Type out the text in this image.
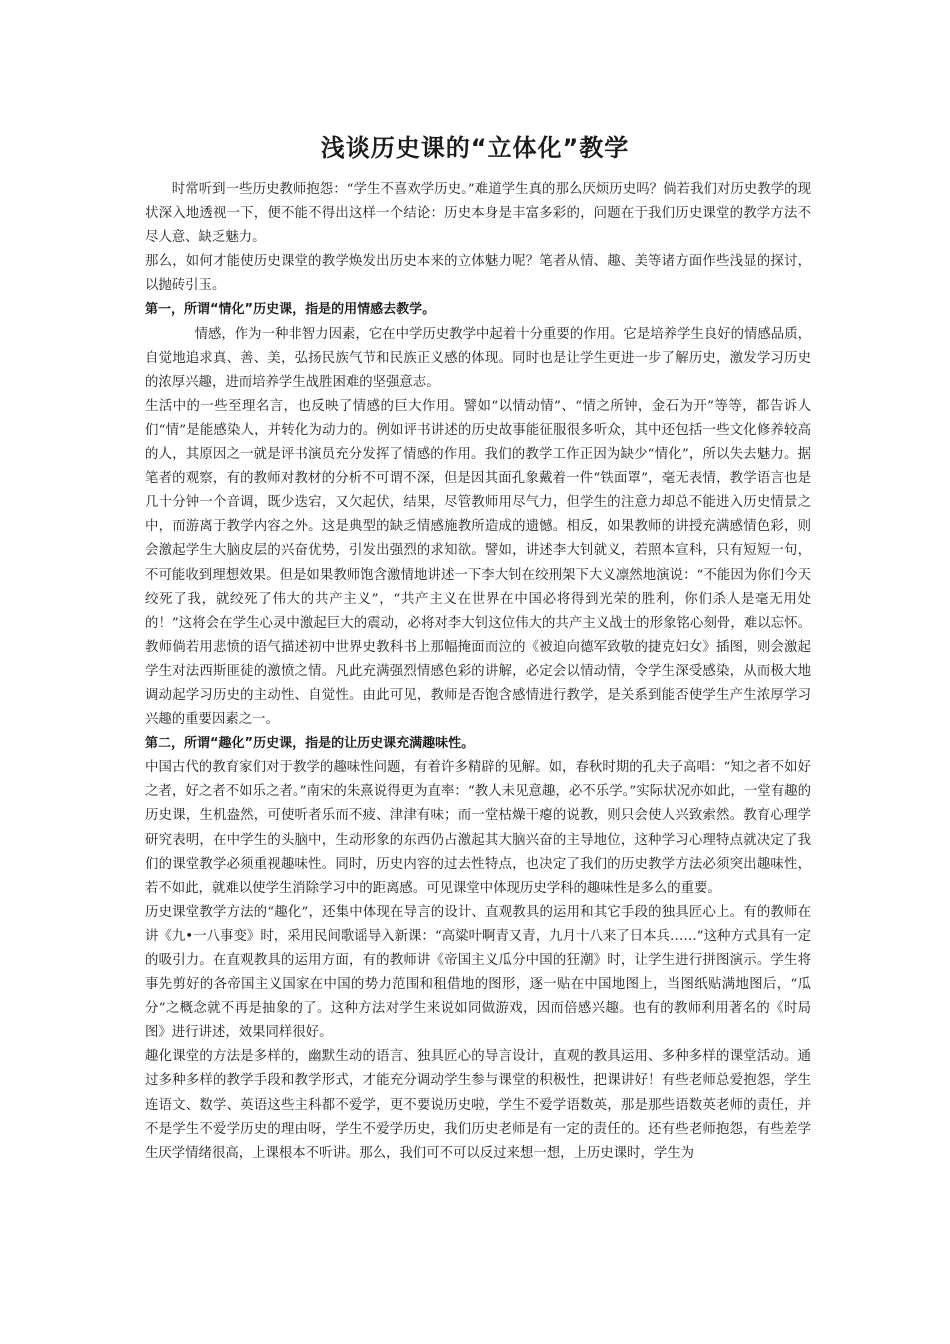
浅谈历史课的“立体化”教学

时常听到一些历史教师抱怨：“学生不喜欢学历史。”难道学生真的那么厌烦历史吗？倘若我们对历史教学的现状深入地透视一下，便不能不得出这样一个结论：历史本身是丰富多彩的，问题在于我们历史课堂的教学方法不尽人意、缺乏魅力。

那么，如何才能使历史课堂的教学焕发出历史本来的立体魅力呢？笔者从情、趣、美等诸方面作些浅显的探讨，以抛砖引玉。

第一，所谓“情化”历史课，指是的用情感去教学。

情感，作为一种非智力因素，它在中学历史教学中起着十分重要的作用。它是培养学生良好的情感品质，自觉地追求真、善、美，弘扬民族气节和民族正义感的体现。同时也是让学生更进一步了解历史，激发学习历史的浓厚兴趣，进而培养学生战胜困难的坚强意志。

生活中的一些至理名言，也反映了情感的巨大作用。譬如“以情动情”、“情之所钟，金石为开”等等，都告诉人们“情”是能感染人，并转化为动力的。例如评书讲述的历史故事能征服很多听众，其中还包括一些文化修养较高的人，其原因之一就是评书演员充分发挥了情感的作用。我们的教学工作正因为缺少“情化”，所以失去魅力。据笔者的观察，有的教师对教材的分析不可谓不深，但是因其面孔象戴着一件“铁面罩”，毫无表情，教学语言也是几十分钟一个音调，既少迭宕，又欠起伏，结果，尽管教师用尽气力，但学生的注意力却总不能进入历史情景之中，而游离于教学内容之外。这是典型的缺乏情感施教所造成的遗憾。相反，如果教师的讲授充满感情色彩，则会激起学生大脑皮层的兴奋优势，引发出强烈的求知欲。譬如，讲述李大钊就义，若照本宣科，只有短短一句，不可能收到理想效果。但是如果教师饱含激情地讲述一下李大钊在绞刑架下大义凛然地演说：“不能因为你们今天绞死了我，就绞死了伟大的共产主义”，“共产主义在世界在中国必将得到光荣的胜利，你们杀人是毫无用处的！”这将会在学生心灵中激起巨大的震动，必将对李大钊这位伟大的共产主义战士的形象铭心刻骨，难以忘怀。教师倘若用悲愤的语气描述初中世界史教科书上那幅掩面而泣的《被迫向德军致敬的捷克妇女》插图，则会激起学生对法西斯匪徒的激愤之情。凡此充满强烈情感色彩的讲解，必定会以情动情，令学生深受感染，从而极大地调动起学习历史的主动性、自觉性。由此可见，教师是否饱含感情进行教学，是关系到能否使学生产生浓厚学习兴趣的重要因素之一。

第二，所谓“趣化”历史课，指是的让历史课充满趣味性。

中国古代的教育家们对于教学的趣味性问题，有着许多精辟的见解。如，春秋时期的孔夫子高唱：“知之者不如好之者，好之者不如乐之者。”南宋的朱熹说得更为直率：“教人未见意趣，必不乐学。”实际状况亦如此，一堂有趣的历史课，生机盎然，可使听者乐而不疲、津津有味；而一堂枯燥干瘪的说教，则只会使人兴致索然。教育心理学研究表明，在中学生的头脑中，生动形象的东西仍占激起其大脑兴奋的主导地位，这种学习心理特点就决定了我们的课堂教学必须重视趣味性。同时，历史内容的过去性特点，也决定了我们的历史教学方法必须突出趣味性，若不如此，就难以使学生消除学习中的距离感。可见课堂中体现历史学科的趣味性是多么的重要。

历史课堂教学方法的“趣化”，还集中体现在导言的设计、直观教具的运用和其它手段的独具匠心上。有的教师在讲《九•一八事变》时，采用民间歌谣导入新课：“高粱叶啊青又青，九月十八来了日本兵……”这种方式具有一定的吸引力。在直观教具的运用方面，有的教师讲《帝国主义瓜分中国的狂潮》时，让学生进行拼图演示。学生将事先剪好的各帝国主义国家在中国的势力范围和租借地的图形，逐一贴在中国地图上，当图纸贴满地图后，“瓜分”之概念就不再是抽象的了。这种方法对学生来说如同做游戏，因而倍感兴趣。也有的教师利用著名的《时局图》进行讲述，效果同样很好。

趣化课堂的方法是多样的，幽默生动的语言、独具匠心的导言设计，直观的教具运用、多种多样的课堂活动。通过多种多样的教学手段和教学形式，才能充分调动学生参与课堂的积极性，把课讲好！有些老师总爱抱怨，学生连语文、数学、英语这些主科都不爱学，更不要说历史啦，学生不爱学语数英，那是那些语数英老师的责任，并不是学生不爱学历史的理由呀，学生不爱学历史，我们历史老师是有一定的责任的。还有些老师抱怨，有些差学生厌学情绪很高，上课根本不听讲。那么，我们可不可以反过来想一想，上历史课时，学生为
